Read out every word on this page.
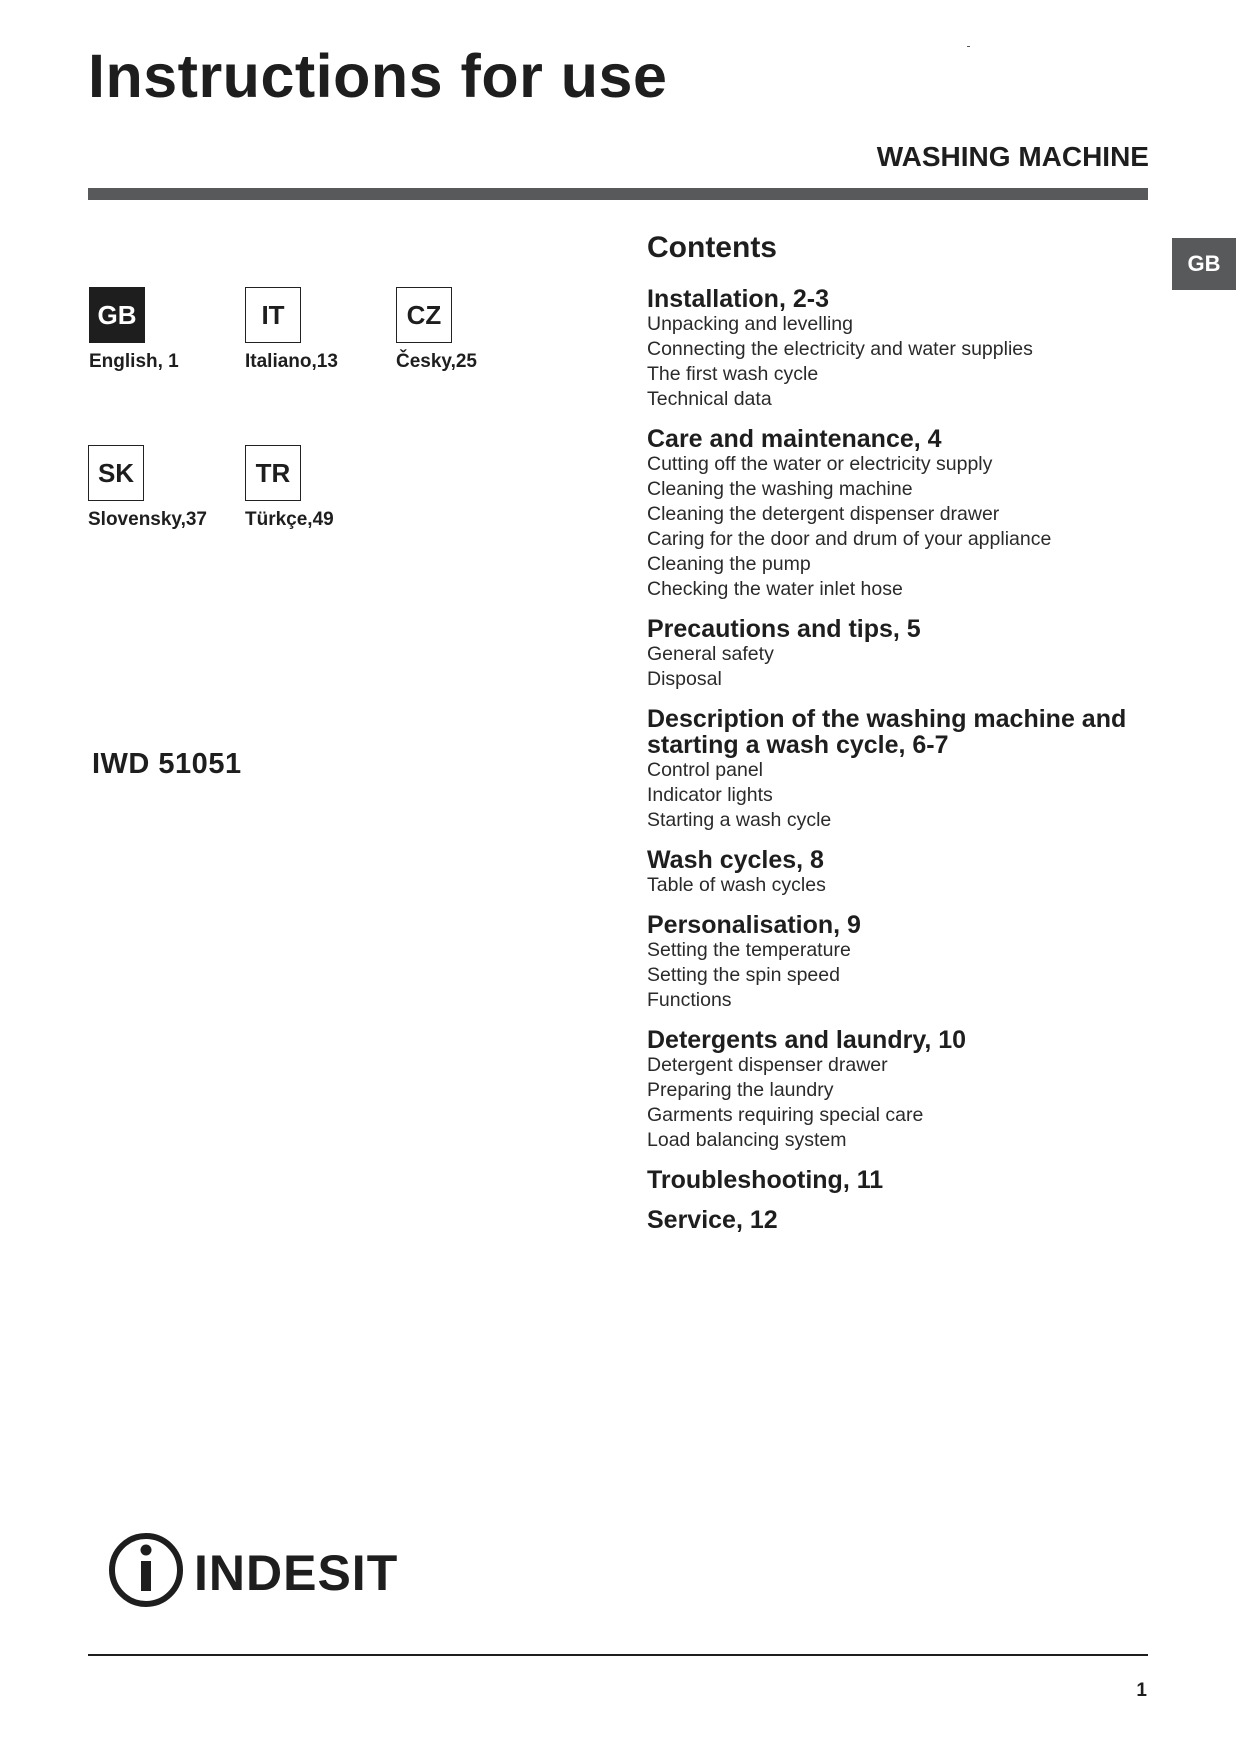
Instructions for use
WASHING MACHINE
GB
GB
English, 1
IT
Italiano,13
CZ
Česky,25
SK
Slovensky,37
TR
Türkçe,49
IWD 51051
Contents
Installation, 2-3
Unpacking and levelling
Connecting the electricity and water supplies
The first wash cycle
Technical data
Care and maintenance, 4
Cutting off the water or electricity supply
Cleaning the washing machine
Cleaning the detergent dispenser drawer
Caring for the door and drum of your appliance
Cleaning the pump
Checking the water inlet hose
Precautions and tips, 5
General safety
Disposal
Description of the washing machine and starting a wash cycle, 6-7
Control panel
Indicator lights
Starting a wash cycle
Wash cycles, 8
Table of wash cycles
Personalisation, 9
Setting the temperature
Setting the spin speed
Functions
Detergents and laundry, 10
Detergent dispenser drawer
Preparing the laundry
Garments requiring special care
Load balancing system
Troubleshooting, 11
Service, 12
INDESIT
1
